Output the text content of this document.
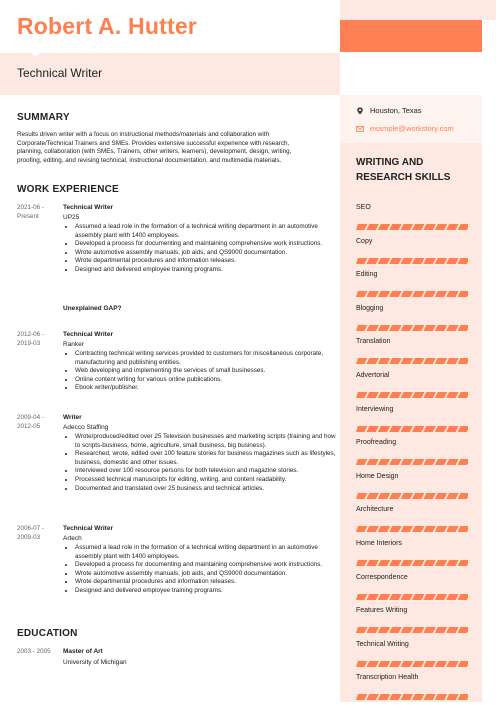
Robert A. Hutter
Technical Writer
Houston, Texas
example@workstory.com
WRITING AND
RESEARCH SKILLS
SEO
Copy
Editing
Blogging
Translation
Advertorial
Interviewing
Proofreading
Home Design
Architecture
Home Interiors
Correspondence
Features Writing
Technical Writing
Transcription Health
SUMMARY
Results driven writer with a focus on instructional methods/materials and collaboration with
Corporate/Technical Trainers and SMEs. Provides extensive successful experience with research,
planning, collaboration (with SMEs, Trainers, other writers, learners), development, design, writing,
proofing, editing, and revising technical, instructional documentation, and multimedia materials.
WORK EXPERIENCE
2021-06 -
Present
Technical Writer
UP25
• Assumed a lead role in the formation of a technical writing department in an automotive assembly plant with 1400 employees.
• Developed a process for documenting and maintaining comprehensive work instructions.
• Wrote automotive assembly manuals, job aids, and QS9000 documentation.
• Wrote departmental procedures and information releases.
• Designed and delivered employee training programs.
Unexplained GAP?
2012-06 -
2019-03
Technical Writer
Ranker
• Contracting technical writing services provided to customers for miscellaneous corporate, manufacturing and publishing entities.
• Web developing and implementing the services of small businesses.
• Online content writing for various online publications.
• Ebook writer/publisher.
2009-04 -
2012-05
Writer
Adecco Staffing
• Wrote/produced/edited over 25 Television businesses and marketing scripts (training and how to scripts-business, home, agriculture, small business, big business).
• Researched, wrote, edited over 100 feature stories for business magazines such as lifestyles, business, domestic and other issues.
• Interviewed over 100 resource persons for both television and magazine stories.
• Processed technical manuscripts for editing, writing, and content readability.
• Documented and translated over 25 business and technical articles.
2006-07 -
2009-03
Technical Writer
Artech
• Assumed a lead role in the formation of a technical writing department in an automotive assembly plant with 1400 employees.
• Developed a process for documenting and maintaining comprehensive work instructions.
• Wrote automotive assembly manuals, job aids, and QS9000 documentation.
• Wrote departmental procedures and information releases.
• Designed and delivered employee training programs.
EDUCATION
2003 - 2005 Master of Art
University of Michigan
